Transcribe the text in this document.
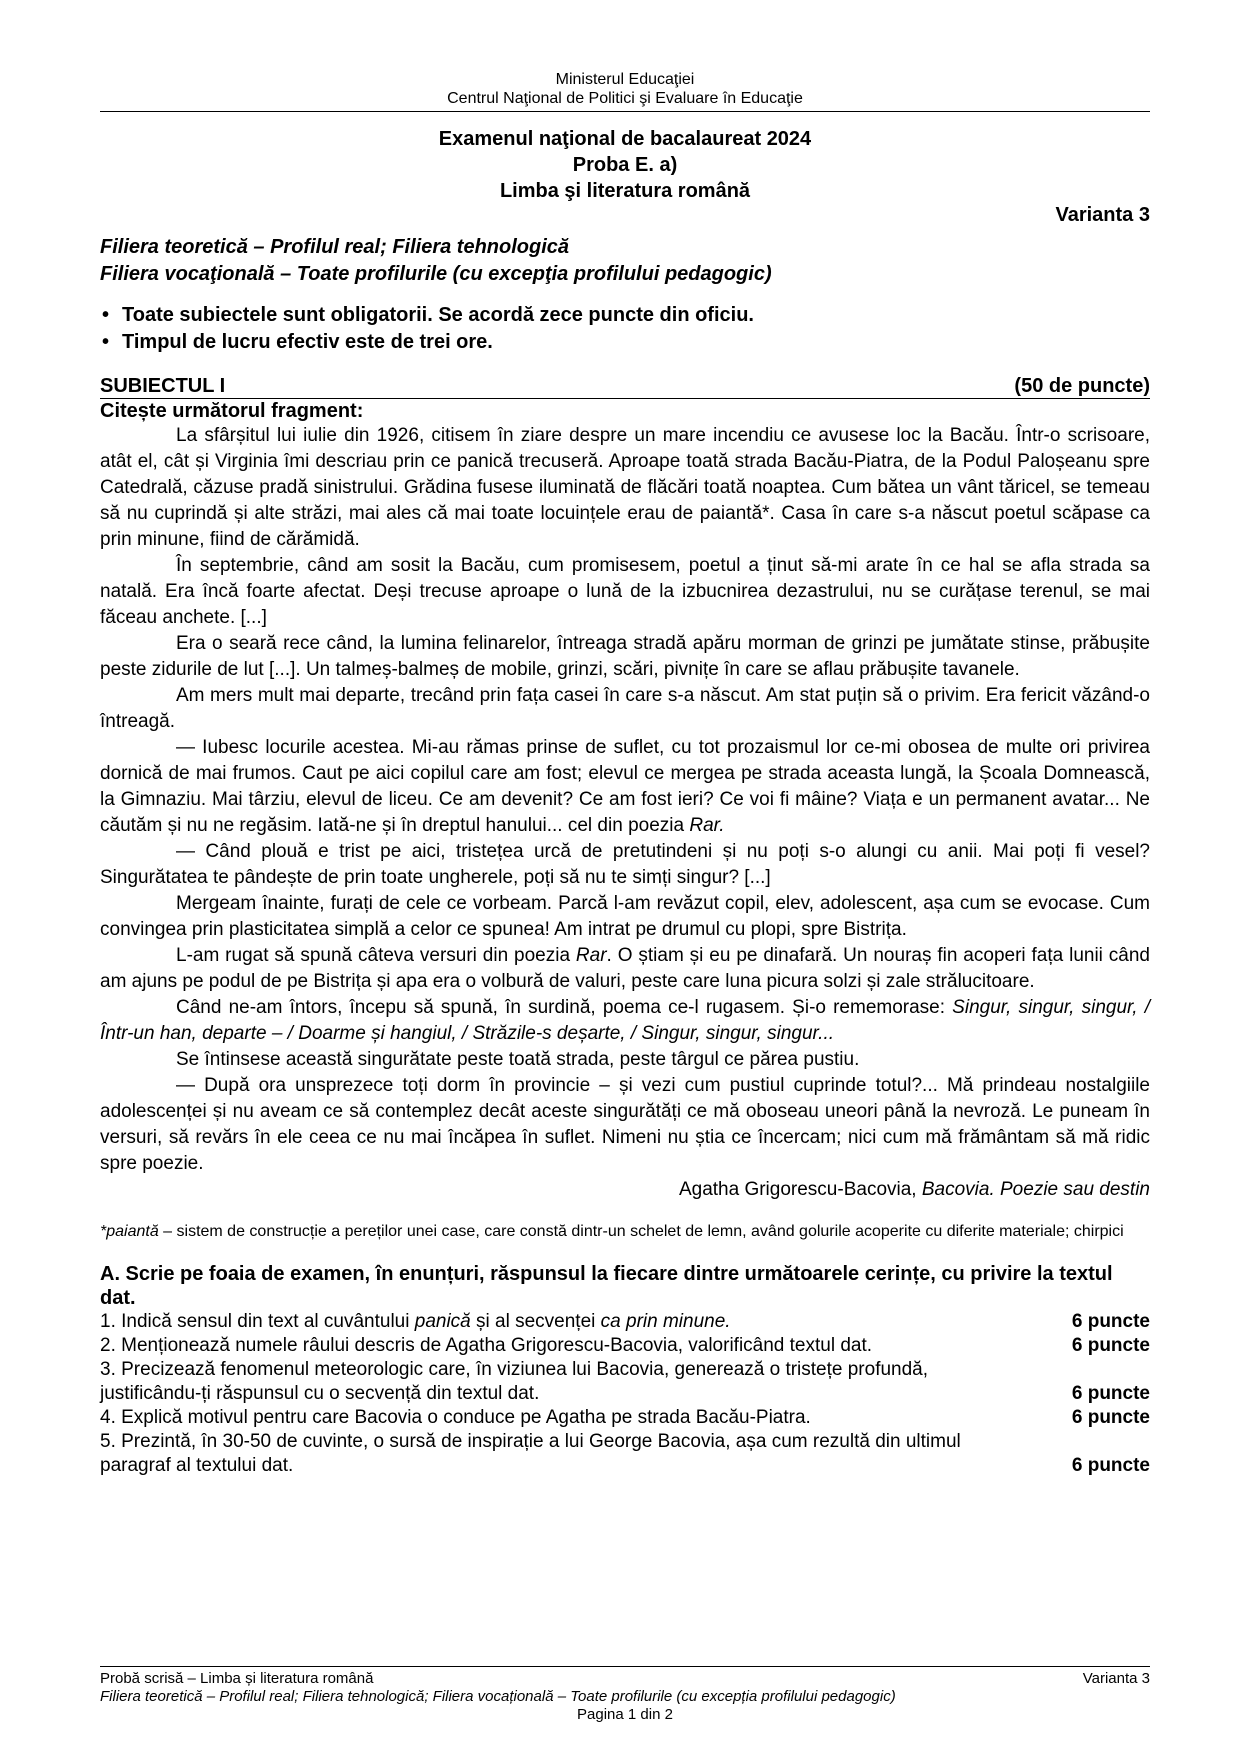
Ministerul Educaţiei
Centrul Naţional de Politici şi Evaluare în Educaţie
Examenul naţional de bacalaureat 2024
Proba E. a)
Limba şi literatura română
Varianta 3
Filiera teoretică – Profilul real; Filiera tehnologică
Filiera vocaţională – Toate profilurile (cu excepţia profilului pedagogic)
• Toate subiectele sunt obligatorii. Se acordă zece puncte din oficiu.
• Timpul de lucru efectiv este de trei ore.
SUBIECTUL I	(50 de puncte)
Citește următorul fragment:

La sfârșitul lui iulie din 1926, citisem în ziare despre un mare incendiu ce avusese loc la Bacău. Într-o scrisoare, atât el, cât și Virginia îmi descriau prin ce panică trecuseră. Aproape toată strada Bacău-Piatra, de la Podul Paloșeanu spre Catedrală, căzuse pradă sinistrului. Grădina fusese iluminată de flăcări toată noaptea. Cum bătea un vânt tăricel, se temeau să nu cuprindă și alte străzi, mai ales că mai toate locuințele erau de paiantă*. Casa în care s-a născut poetul scăpase ca prin minune, fiind de cărămidă.

În septembrie, când am sosit la Bacău, cum promisesem, poetul a ținut să-mi arate în ce hal se afla strada sa natală. Era încă foarte afectat. Deși trecuse aproape o lună de la izbucnirea dezastrului, nu se curățase terenul, se mai făceau anchete. [...]

Era o seară rece când, la lumina felinarelor, întreaga stradă apăru morman de grinzi pe jumătate stinse, prăbușite peste zidurile de lut [...]. Un talmeș-balmeș de mobile, grinzi, scări, pivnițe în care se aflau prăbușite tavanele.

Am mers mult mai departe, trecând prin fața casei în care s-a născut. Am stat puțin să o privim. Era fericit văzând-o întreagă.

— Iubesc locurile acestea. Mi-au rămas prinse de suflet, cu tot prozaismul lor ce-mi obosea de multe ori privirea dornică de mai frumos. Caut pe aici copilul care am fost; elevul ce mergea pe strada aceasta lungă, la Școala Domnească, la Gimnaziu. Mai târziu, elevul de liceu. Ce am devenit? Ce am fost ieri? Ce voi fi mâine? Viața e un permanent avatar... Ne căutăm și nu ne regăsim. Iată-ne și în dreptul hanului... cel din poezia Rar.

— Când plouă e trist pe aici, tristețea urcă de pretutindeni și nu poți s-o alungi cu anii. Mai poți fi vesel? Singurătatea te pândește de prin toate ungherele, poți să nu te simți singur? [...]

Mergeam înainte, furați de cele ce vorbeam. Parcă l-am revăzut copil, elev, adolescent, așa cum se evocase. Cum convingea prin plasticitatea simplă a celor ce spunea! Am intrat pe drumul cu plopi, spre Bistrița.

L-am rugat să spună câteva versuri din poezia Rar. O știam și eu pe dinafară. Un nouraș fin acoperi fața lunii când am ajuns pe podul de pe Bistrița și apa era o volbură de valuri, peste care luna picura solzi și zale strălucitoare.

Când ne-am întors, începu să spună, în surdină, poema ce-l rugasem. Și-o rememorase: Singur, singur, singur, / Într-un han, departe – / Doarme și hangiul, / Străzile-s deșarte, / Singur, singur, singur...

Se întinsese această singurătate peste toată strada, peste târgul ce părea pustiu.

— După ora unsprezece toți dorm în provincie – și vezi cum pustiul cuprinde totul?... Mă prindeau nostalgiile adolescenței și nu aveam ce să contemplez decât aceste singurătăți ce mă oboseau uneori până la nevroză. Le puneam în versuri, să revărs în ele ceea ce nu mai încăpea în suflet. Nimeni nu știa ce încercam; nici cum mă frământam să mă ridic spre poezie.

Agatha Grigorescu-Bacovia, Bacovia. Poezie sau destin
*paiantă – sistem de construcție a pereților unei case, care constă dintr-un schelet de lemn, având golurile acoperite cu diferite materiale; chirpici
A. Scrie pe foaia de examen, în enunțuri, răspunsul la fiecare dintre următoarele cerințe, cu privire la textul dat.
1. Indică sensul din text al cuvântului panică și al secvenței ca prin minune.	6 puncte
2. Menționează numele râului descris de Agatha Grigorescu-Bacovia, valorificând textul dat.	6 puncte
3. Precizează fenomenul meteorologic care, în viziunea lui Bacovia, generează o tristețe profundă,
justificându-ți răspunsul cu o secvență din textul dat.	6 puncte
4. Explică motivul pentru care Bacovia o conduce pe Agatha pe strada Bacău-Piatra.	6 puncte
5. Prezintă, în 30-50 de cuvinte, o sursă de inspirație a lui George Bacovia, așa cum rezultă din ultimul
paragraf al textului dat.	6 puncte
Probă scrisă – Limba și literatura română	Varianta 3
Filiera teoretică – Profilul real; Filiera tehnologică; Filiera vocațională – Toate profilurile (cu excepția profilului pedagogic)
Pagina 1 din 2
